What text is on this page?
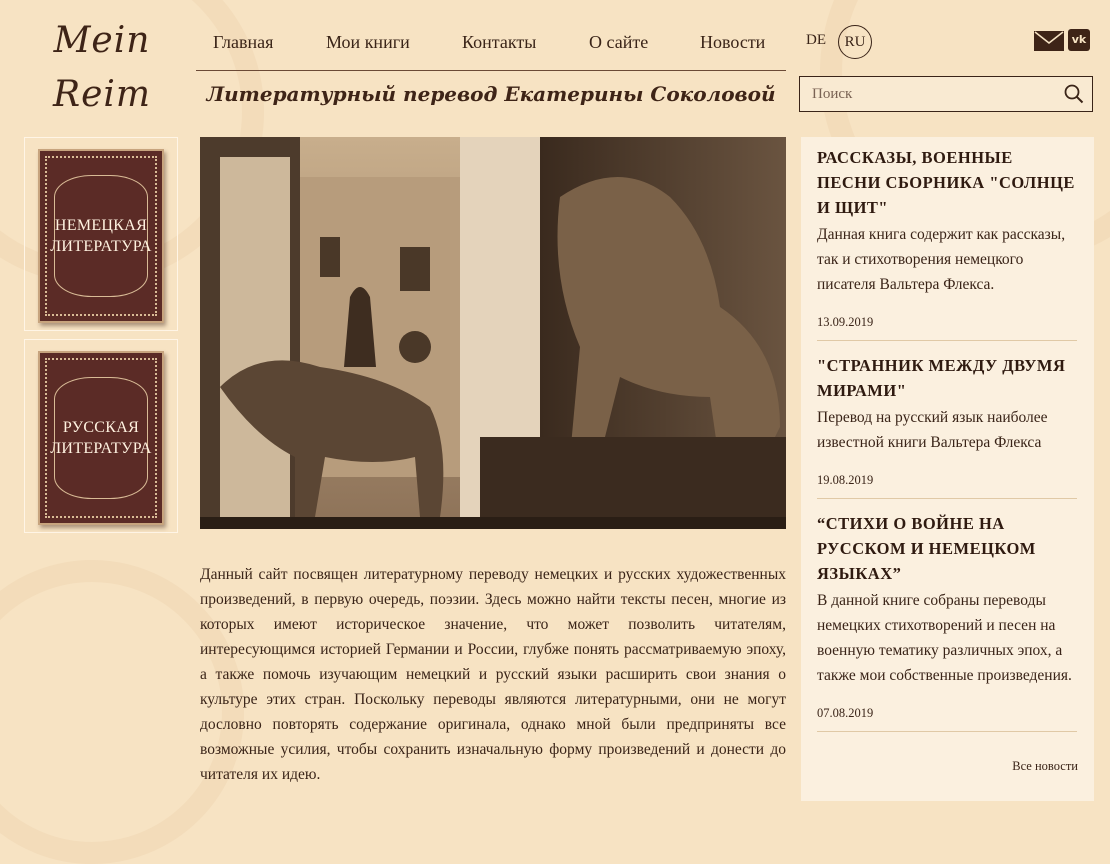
Mein
Reim
Главная	Мои книги	Контакты	О сайте	Новости	DE	RU	vk
Литературный перевод Екатерины Соколовой
Поиск
НЕМЕЦКАЯ
ЛИТЕРАТУРА
РУССКАЯ
ЛИТЕРАТУРА

Данный сайт посвящен литературному переводу немецких и русских художественных произведений, в первую очередь, поэзии. Здесь можно найти тексты песен, многие из которых имеют историческое значение, что может позволить читателям, интересующимся историей Германии и России, глубже понять рассматриваемую эпоху, а также помочь изучающим немецкий и русский языки расширить свои знания о культуре этих стран. Поскольку переводы являются литературными, они не могут дословно повторять содержание оригинала, однако мной были предприняты все возможные усилия, чтобы сохранить изначальную форму произведений и донести до читателя их идею.

РАССКАЗЫ, ВОЕННЫЕ ПЕСНИ СБОРНИКА "СОЛНЦЕ И ЩИТ"
Данная книга содержит как рассказы, так и стихотворения немецкого писателя Вальтера Флекса.
13.09.2019
"СТРАННИК МЕЖДУ ДВУМЯ МИРАМИ"
Перевод на русский язык наиболее известной книги Вальтера Флекса
19.08.2019
“СТИХИ О ВОЙНЕ НА РУССКОМ И НЕМЕЦКОМ ЯЗЫКАХ”
В данной книге собраны переводы немецких стихотворений и песен на военную тематику различных эпох, а также мои собственные произведения.
07.08.2019
Все новости
